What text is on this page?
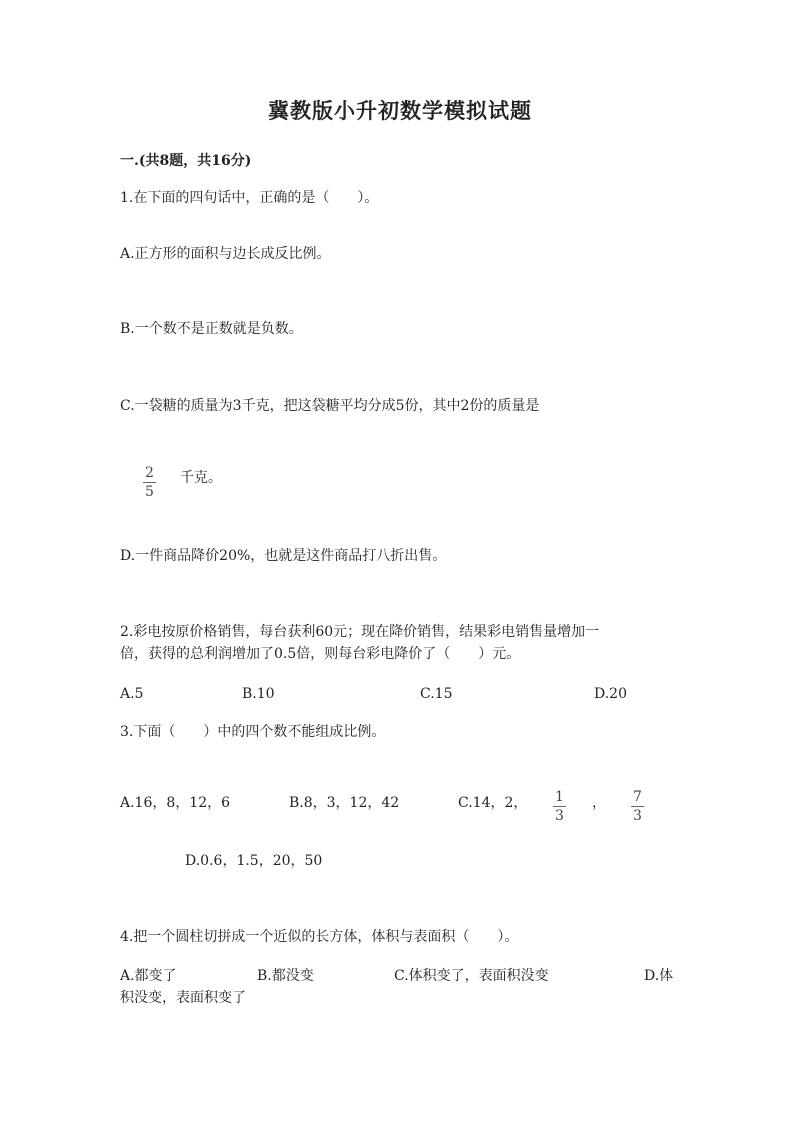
冀教版小升初数学模拟试题
一.(共8题，共16分)
1.在下面的四句话中，正确的是（　　）。
A.正方形的面积与边长成反比例。
B.一个数不是正数就是负数。
C.一袋糖的质量为3千克，把这袋糖平均分成5份，其中2份的质量是
$\frac{2}{5}$ 千克。
D.一件商品降价20%，也就是这件商品打八折出售。
2.彩电按原价格销售，每台获利60元；现在降价销售，结果彩电销售量增加一
倍，获得的总利润增加了0.5倍，则每台彩电降价了（　　）元。
A.5	B.10	C.15	D.20
3.下面（　　）中的四个数不能组成比例。
A.16，8，12，6	B.8，3，12，42	C.14，2， $\frac{1}{3}$ ， $\frac{7}{3}$
D.0.6，1.5，20，50
4.把一个圆柱切拼成一个近似的长方体，体积与表面积（　　）。
A.都变了	B.都没变	C.体积变了，表面积没变	D.体
积没变，表面积变了
